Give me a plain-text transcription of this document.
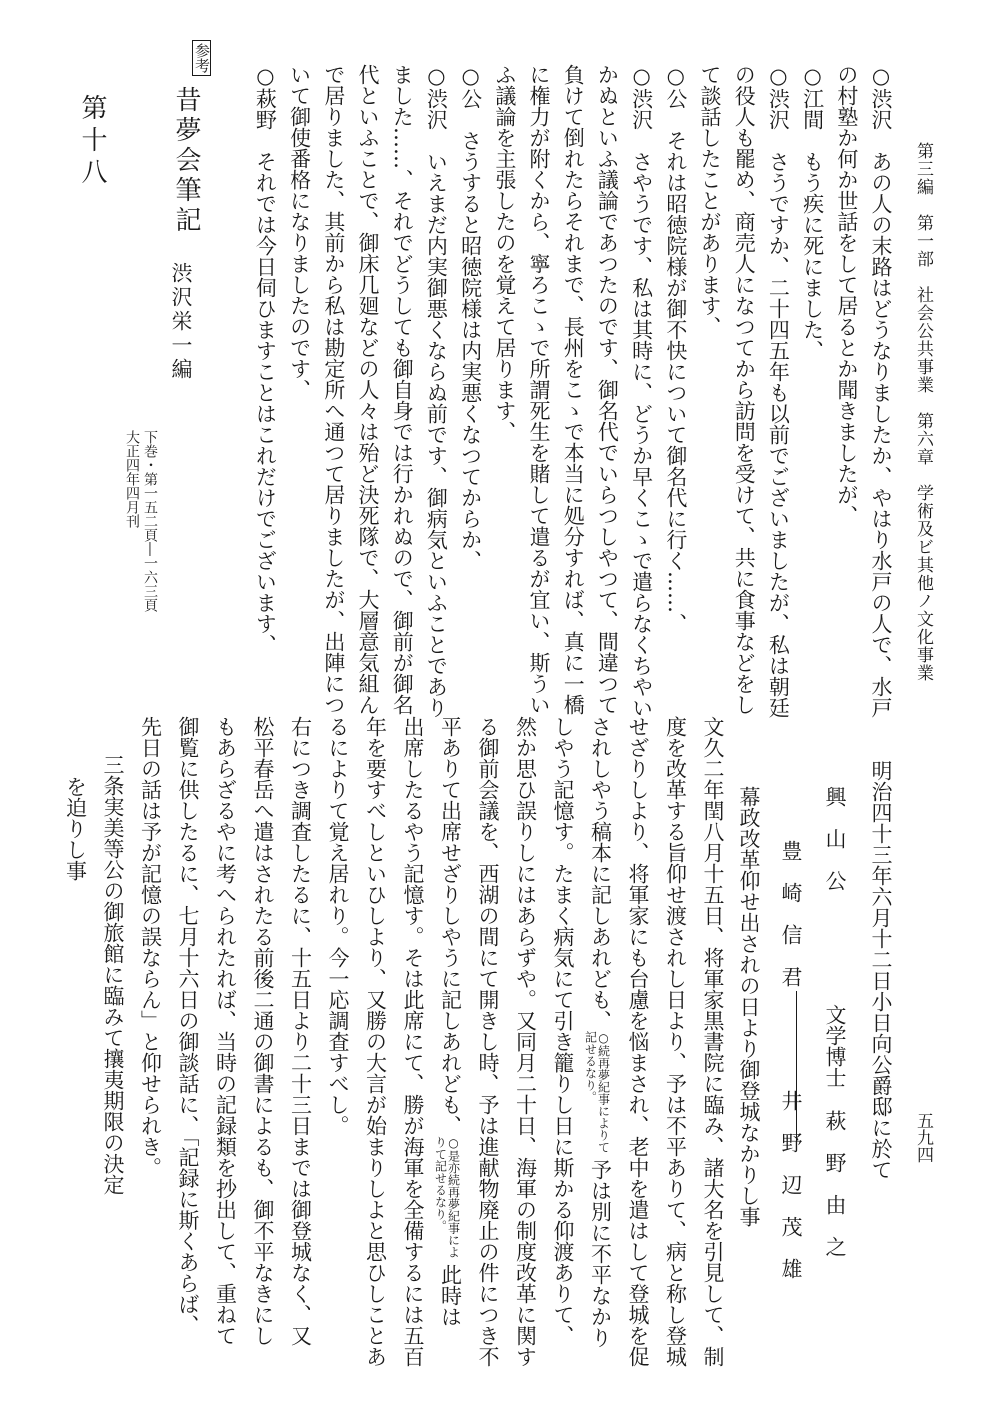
第三編　第一部　社会公共事業　第六章　学術及ビ其他ノ文化事業
五九四
○渋沢　あの人の末路はどうなりましたか、やはり水戸の人で、水戸
の村塾か何か世話をして居るとか聞きましたが、
○江間　もう疾に死にました、
○渋沢　さうですか、二十四五年も以前でございましたが、私は朝廷
の役人も罷め、商売人になつてから訪問を受けて、共に食事などをし
て談話したことがあります、
○公　それは昭徳院様が御不快について御名代に行く……、
○渋沢　さやうです、私は其時に、どうか早くこゝで遣らなくちやい
かぬといふ議論であつたのです、御名代でいらつしやつて、間違つて
負けて倒れたらそれまで、長州をこゝで本当に処分すれば、真に一橋
に権力が附くから、寧ろこゝで所謂死生を賭して遣るが宜い、斯うい
ふ議論を主張したのを覚えて居ります、
○公　さうすると昭徳院様は内実悪くなつてからか、
○渋沢　いえまだ内実御悪くならぬ前です、御病気といふことであり
ました……、それでどうしても御自身では行かれぬので、御前が御名
代といふことで、御床几廻などの人々は殆ど決死隊で、大層意気組ん
で居りました、其前から私は勘定所へ通つて居りましたが、出陣につ
いて御使番格になりましたのです、
○萩野　それでは今日伺ひますことはこれだけでございます、
参考
昔夢会筆記
渋沢栄一編
下巻・第一五二頁―一六三頁
大正四年四月刊
第十八
明治四十三年六月十二日小日向公爵邸に於て
興　山　公
文学博士
萩　野　由　之
豊　崎　信　君
井　野　辺　茂　雄
幕政改革仰せ出されの日より御登城なかりし事
文久二年閏八月十五日、将軍家黒書院に臨み、諸大名を引見して、制
度を改革する旨仰せ渡されし日より、予は不平ありて、病と称し登城
せざりしより、将軍家にも台慮を悩まされ、老中を遣はして登城を促
されしやう稿本に記しあれども、○続再夢紀事によりて記せるなり。予は別に不平なかり
しやう記憶す。たまく病気にて引き籠りし日に斯かる仰渡ありて、
然か思ひ誤りしにはあらずや。又同月二十日、海軍の制度改革に関す
る御前会議を、西湖の間にて開きし時、予は進献物廃止の件につき不
平ありて出席せざりしやうに記しあれども、○是亦続再夢紀事によりて記せるなり。此時は
出席したるやう記憶す。そは此席にて、勝が海軍を全備するには五百
年を要すべしといひしより、又勝の大言が始まりしよと思ひしことあ
るによりて覚え居れり。今一応調査すべし。
右につき調査したるに、十五日より二十三日までは御登城なく、又
松平春岳へ遣はされたる前後二通の御書によるも、御不平なきにし
もあらざるやに考へられたれば、当時の記録類を抄出して、重ねて
御覧に供したるに、七月十六日の御談話に、「記録に斯くあらば、
先日の話は予が記憶の誤ならん」と仰せられき。
三条実美等公の御旅館に臨みて攘夷期限の決定
を迫りし事
